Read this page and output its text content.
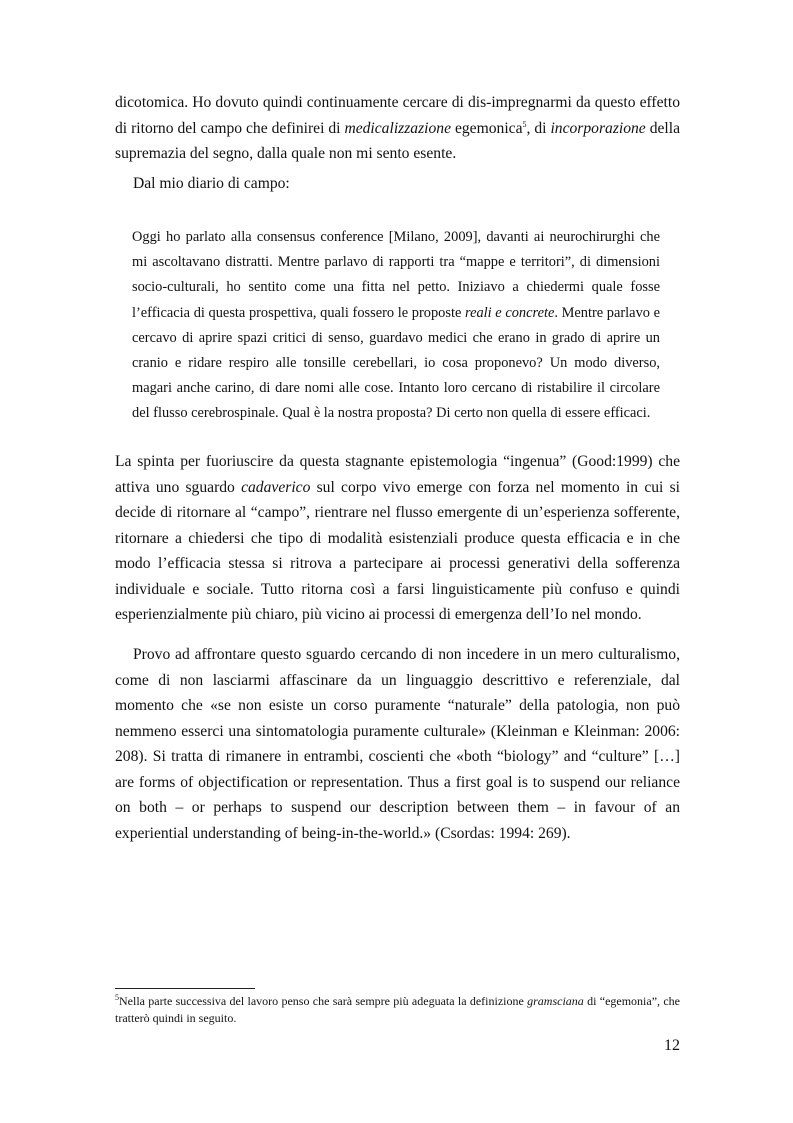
dicotomica. Ho dovuto quindi continuamente cercare di dis-impregnarmi da questo effetto di ritorno del campo che definirei di medicalizzazione egemonica$^5$, di incorporazione della supremazia del segno, dalla quale non mi sento esente.

Dal mio diario di campo:

Oggi ho parlato alla consensus conference [Milano, 2009], davanti ai neurochirurghi che mi ascoltavano distratti. Mentre parlavo di rapporti tra “mappe e territori”, di dimensioni socio-culturali, ho sentito come una fitta nel petto. Iniziavo a chiedermi quale fosse l’efficacia di questa prospettiva, quali fossero le proposte reali e concrete. Mentre parlavo e cercavo di aprire spazi critici di senso, guardavo medici che erano in grado di aprire un cranio e ridare respiro alle tonsille cerebellari, io cosa proponevo? Un modo diverso, magari anche carino, di dare nomi alle cose. Intanto loro cercano di ristabilire il circolare del flusso cerebrospinale. Qual è la nostra proposta? Di certo non quella di essere efficaci.

La spinta per fuoriuscire da questa stagnante epistemologia “ingenua” (Good:1999) che attiva uno sguardo cadaverico sul corpo vivo emerge con forza nel momento in cui si decide di ritornare al “campo”, rientrare nel flusso emergente di un’esperienza sofferente, ritornare a chiedersi che tipo di modalità esistenziali produce questa efficacia e in che modo l’efficacia stessa si ritrova a partecipare ai processi generativi della sofferenza individuale e sociale. Tutto ritorna così a farsi linguisticamente più confuso e quindi esperienzialmente più chiaro, più vicino ai processi di emergenza dell’Io nel mondo.

Provo ad affrontare questo sguardo cercando di non incedere in un mero culturalismo, come di non lasciarmi affascinare da un linguaggio descrittivo e referenziale, dal momento che «se non esiste un corso puramente “naturale” della patologia, non può nemmeno esserci una sintomatologia puramente culturale» (Kleinman e Kleinman: 2006: 208). Si tratta di rimanere in entrambi, coscienti che «both “biology” and “culture” […] are forms of objectification or representation. Thus a first goal is to suspend our reliance on both – or perhaps to suspend our description between them – in favour of an experiential understanding of being-in-the-world.» (Csordas: 1994: 269).

$^5$Nella parte successiva del lavoro penso che sarà sempre più adeguata la definizione gramsciana di “egemonia”, che tratterò quindi in seguito.

12
